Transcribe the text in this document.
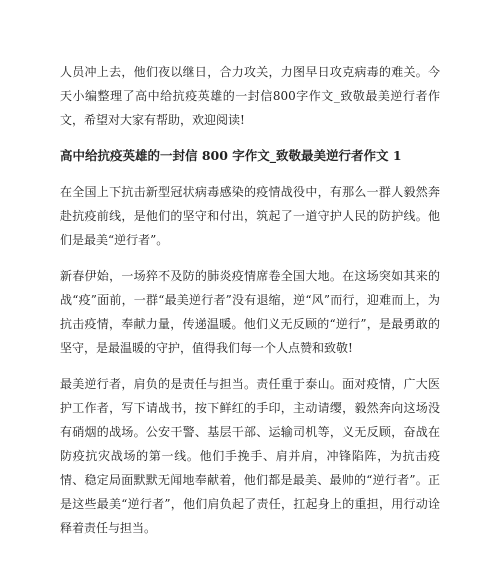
人员冲上去，他们夜以继日，合力攻关，力图早日攻克病毒的难关。今天小编整理了高中给抗疫英雄的一封信800字作文_致敬最美逆行者作文，希望对大家有帮助，欢迎阅读!

高中给抗疫英雄的一封信 800 字作文_致敬最美逆行者作文 1

在全国上下抗击新型冠状病毒感染的疫情战役中，有那么一群人毅然奔赴抗疫前线，是他们的坚守和付出，筑起了一道守护人民的防护线。他们是最美“逆行者”。

新春伊始，一场猝不及防的肺炎疫情席卷全国大地。在这场突如其来的战“疫”面前，一群“最美逆行者”没有退缩，逆“风”而行，迎难而上，为抗击疫情，奉献力量，传递温暖。他们义无反顾的“逆行”，是最勇敢的坚守，是最温暖的守护，值得我们每一个人点赞和致敬!

最美逆行者，肩负的是责任与担当。责任重于泰山。面对疫情，广大医护工作者，写下请战书，按下鲜红的手印，主动请缨，毅然奔向这场没有硝烟的战场。公安干警、基层干部、运输司机等，义无反顾，奋战在防疫抗灾战场的第一线。他们手挽手、肩并肩，冲锋陷阵，为抗击疫情、稳定局面默默无闻地奉献着，他们都是最美、最帅的“逆行者”。正是这些最美“逆行者”，他们肩负起了责任，扛起身上的重担，用行动诠释着责任与担当。
